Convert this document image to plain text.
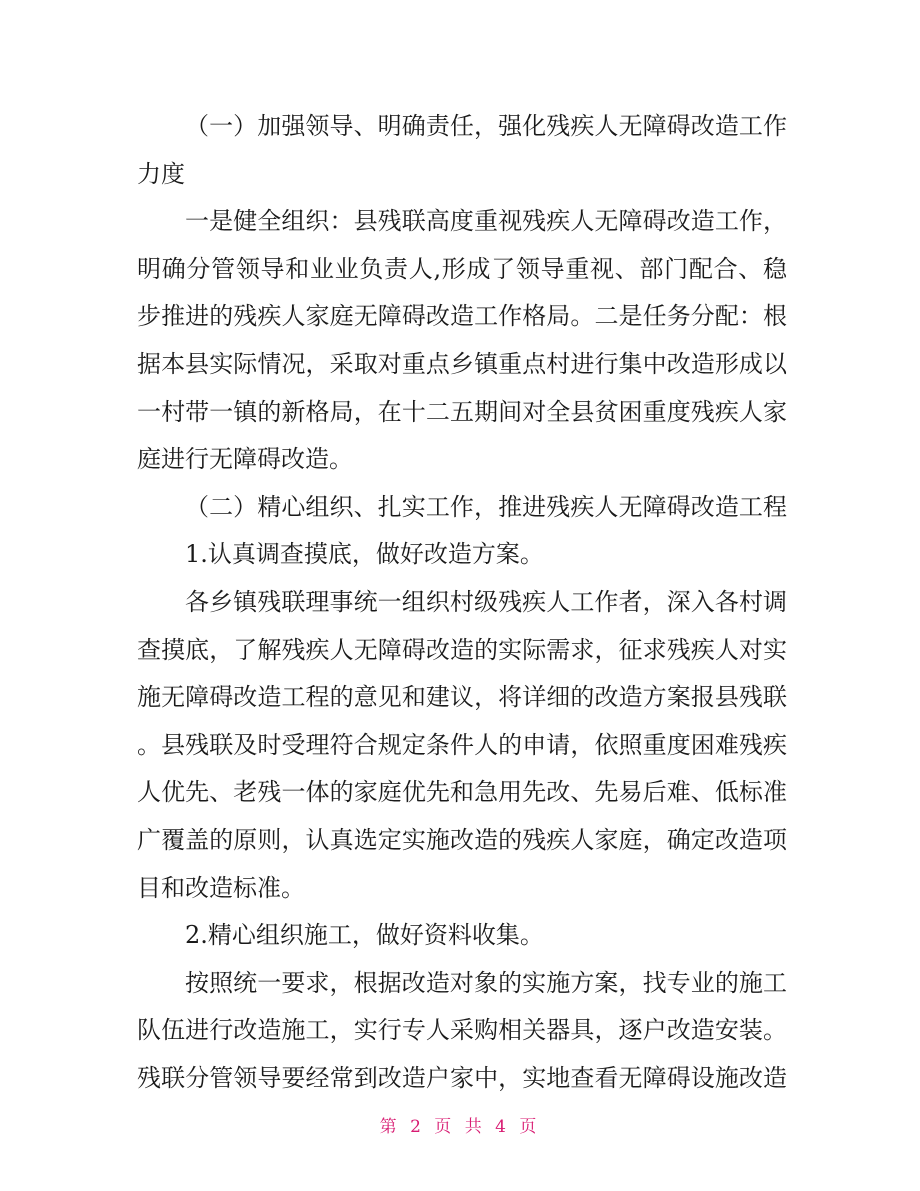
（一）加强领导、明确责任，强化残疾人无障碍改造工作
力度
一是健全组织：县残联高度重视残疾人无障碍改造工作，
明确分管领导和业业负责人,形成了领导重视、部门配合、稳
步推进的残疾人家庭无障碍改造工作格局。二是任务分配：根
据本县实际情况，采取对重点乡镇重点村进行集中改造形成以
一村带一镇的新格局，在十二五期间对全县贫困重度残疾人家
庭进行无障碍改造。
（二）精心组织、扎实工作，推进残疾人无障碍改造工程
1.认真调查摸底，做好改造方案。
各乡镇残联理事统一组织村级残疾人工作者，深入各村调
查摸底，了解残疾人无障碍改造的实际需求，征求残疾人对实
施无障碍改造工程的意见和建议，将详细的改造方案报县残联
。县残联及时受理符合规定条件人的申请，依照重度困难残疾
人优先、老残一体的家庭优先和急用先改、先易后难、低标准
广覆盖的原则，认真选定实施改造的残疾人家庭，确定改造项
目和改造标准。
2.精心组织施工，做好资料收集。
按照统一要求，根据改造对象的实施方案，找专业的施工
队伍进行改造施工，实行专人采购相关器具，逐户改造安装。
残联分管领导要经常到改造户家中，实地查看无障碍设施改造
第 2 页 共 4 页
